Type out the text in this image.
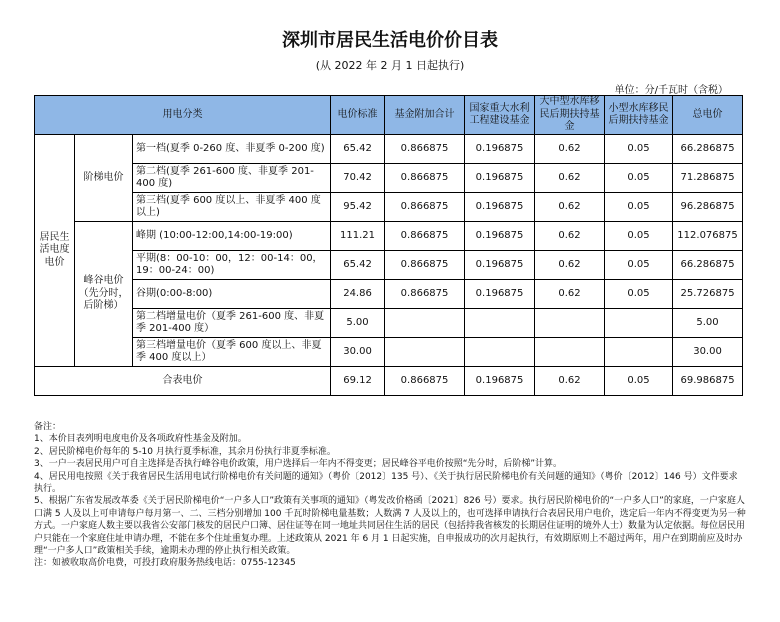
深圳市居民生活电价价目表
(从 2022 年 2 月 1 日起执行)
单位：分/千瓦时（含税）
用电分类			电价标准	基金附加合计	国家重大水利工程建设基金	大中型水库移民后期扶持基金	小型水库移民后期扶持基金	总电价
居民生活电度电价	阶梯电价	第一档(夏季 0-260 度、非夏季 0-200 度)	65.42	0.866875	0.196875	0.62	0.05	66.286875
		第二档(夏季 261-600 度、非夏季 201-400 度)	70.42	0.866875	0.196875	0.62	0.05	71.286875
		第三档(夏季 600 度以上、非夏季 400 度以上)	95.42	0.866875	0.196875	0.62	0.05	96.286875
	峰谷电价（先分时，后阶梯）	峰期 (10:00-12:00,14:00-19:00)	111.21	0.866875	0.196875	0.62	0.05	112.076875
		平期(8：00-10：00，12：00-14：00，19：00-24：00)	65.42	0.866875	0.196875	0.62	0.05	66.286875
		谷期(0:00-8:00)	24.86	0.866875	0.196875	0.62	0.05	25.726875
		第二档增量电价（夏季 261-600 度、非夏季 201-400 度）	5.00					5.00
		第三档增量电价（夏季 600 度以上、非夏季 400 度以上）	30.00					30.00
合表电价			69.12	0.866875	0.196875	0.62	0.05	69.986875
备注：
1、本价目表列明电度电价及各项政府性基金及附加。
2、居民阶梯电价每年的 5-10 月执行夏季标准，其余月份执行非夏季标准。
3、一户一表居民用户可自主选择是否执行峰谷电价政策，用户选择后一年内不得变更；居民峰谷平电价按照“先分时，后阶梯”计算。
4、居民用电按照《关于我省居民生活用电试行阶梯电价有关问题的通知》（粤价〔2012〕135 号）、《关于执行居民阶梯电价有关问题的通知》（粤价〔2012〕146 号）文件要求执行。
5、根据广东省发展改革委《关于居民阶梯电价“一户多人口”政策有关事项的通知》（粤发改价格函〔2021〕826 号）要求。执行居民阶梯电价的“一户多人口”的家庭，一户家庭人口满 5 人及以上可申请每户每月第一、二、三档分别增加 100 千瓦时阶梯电量基数；人数满 7 人及以上的，也可选择申请执行合表居民用户电价，选定后一年内不得变更为另一种方式。一户家庭人数主要以我省公安部门核发的居民户口簿、居住证等在同一地址共同居住生活的居民（包括持我省核发的长期居住证明的境外人士）数量为认定依据。每位居民用户只能在一个家庭住址申请办理，不能在多个住址重复办理。上述政策从 2021 年 6 月 1 日起实施，自申报成功的次月起执行，有效期原则上不超过两年，用户在到期前应及时办理“一户多人口”政策相关手续，逾期未办理的停止执行相关政策。
注：如被收取高价电费，可投打政府服务热线电话：0755-12345
